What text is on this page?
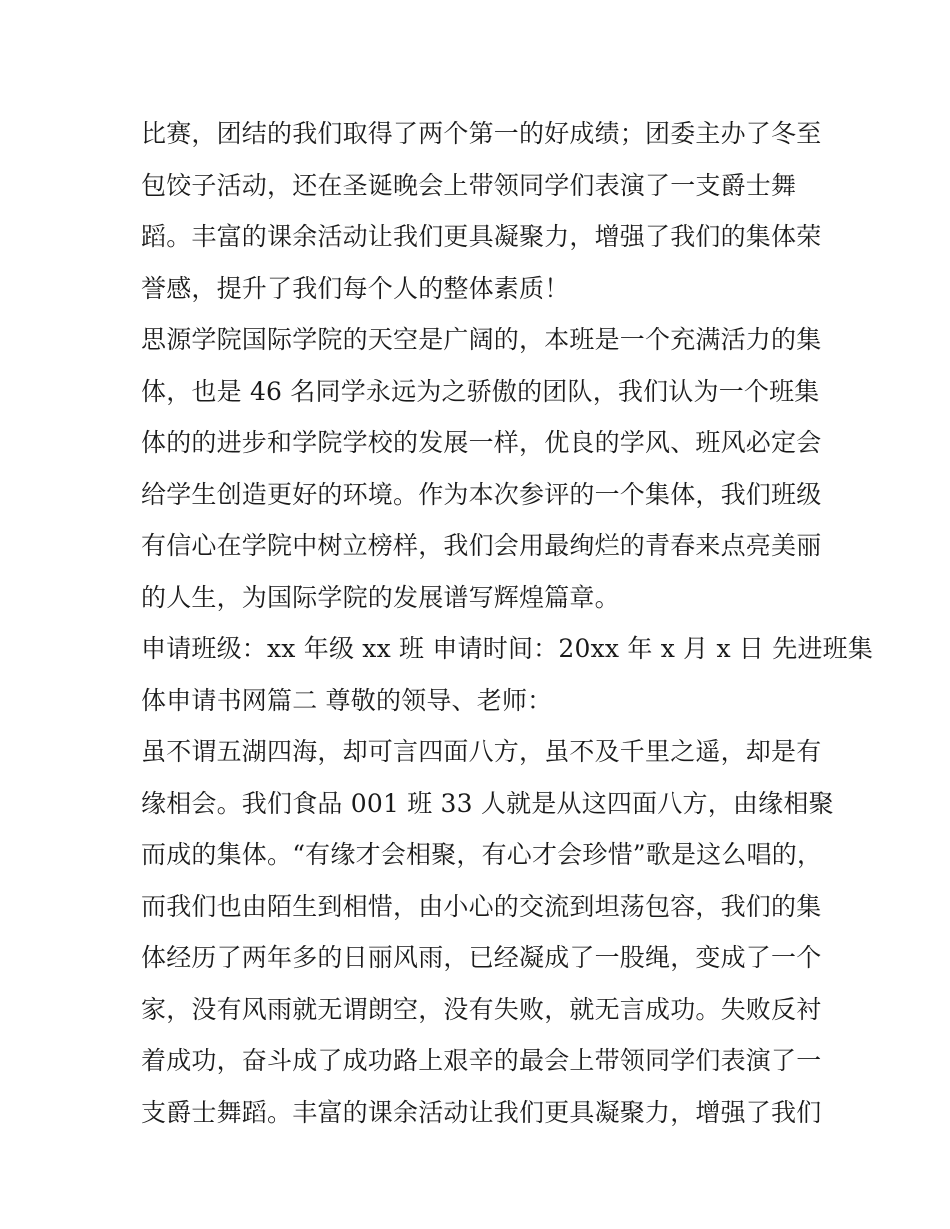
比赛，团结的我们取得了两个第一的好成绩；团委主办了冬至
包饺子活动，还在圣诞晚会上带领同学们表演了一支爵士舞
蹈。丰富的课余活动让我们更具凝聚力，增强了我们的集体荣
誉感，提升了我们每个人的整体素质！
思源学院国际学院的天空是广阔的，本班是一个充满活力的集
体，也是 46 名同学永远为之骄傲的团队，我们认为一个班集
体的的进步和学院学校的发展一样，优良的学风、班风必定会
给学生创造更好的环境。作为本次参评的一个集体，我们班级
有信心在学院中树立榜样，我们会用最绚烂的青春来点亮美丽
的人生，为国际学院的发展谱写辉煌篇章。
申请班级：xx 年级 xx 班 申请时间：20xx 年 x 月 x 日 先进班集
体申请书网篇二 尊敬的领导、老师：
虽不谓五湖四海，却可言四面八方，虽不及千里之遥，却是有
缘相会。我们食品 001 班 33 人就是从这四面八方，由缘相聚
而成的集体。“有缘才会相聚，有心才会珍惜”歌是这么唱的，
而我们也由陌生到相惜，由小心的交流到坦荡包容，我们的集
体经历了两年多的日丽风雨，已经凝成了一股绳，变成了一个
家，没有风雨就无谓朗空，没有失败，就无言成功。失败反衬
着成功，奋斗成了成功路上艰辛的最会上带领同学们表演了一
支爵士舞蹈。丰富的课余活动让我们更具凝聚力，增强了我们
